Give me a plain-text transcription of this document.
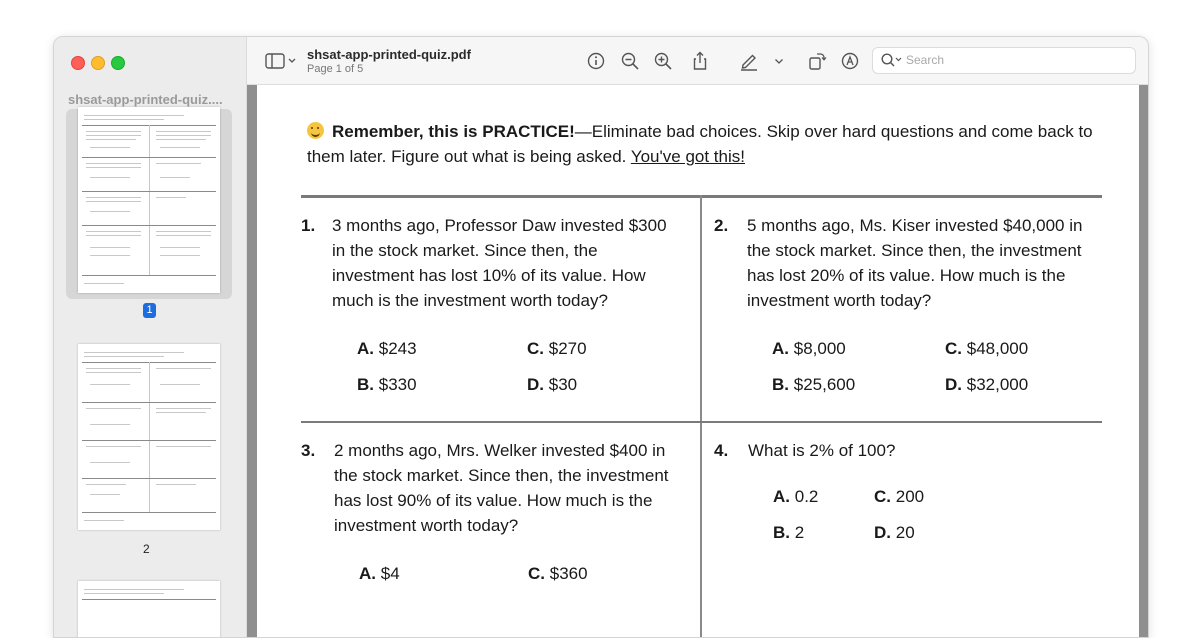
shsat-app-printed-quiz....
1
2
shsat-app-printed-quiz.pdf
Page 1 of 5
Search
Remember, this is PRACTICE!—Eliminate bad choices. Skip over hard questions and come back to them later. Figure out what is being asked. You've got this!
1. 3 months ago, Professor Daw invested $300 in the stock market. Since then, the investment has lost 10% of its value. How much is the investment worth today?
A. $243	C. $270
B. $330	D. $30
2. 5 months ago, Ms. Kiser invested $40,000 in the stock market. Since then, the investment has lost 20% of its value. How much is the investment worth today?
A. $8,000	C. $48,000
B. $25,600	D. $32,000
3. 2 months ago, Mrs. Welker invested $400 in the stock market. Since then, the investment has lost 90% of its value. How much is the investment worth today?
A. $4	C. $360
4. What is 2% of 100?
A. 0.2	C. 200
B. 2	D. 20
